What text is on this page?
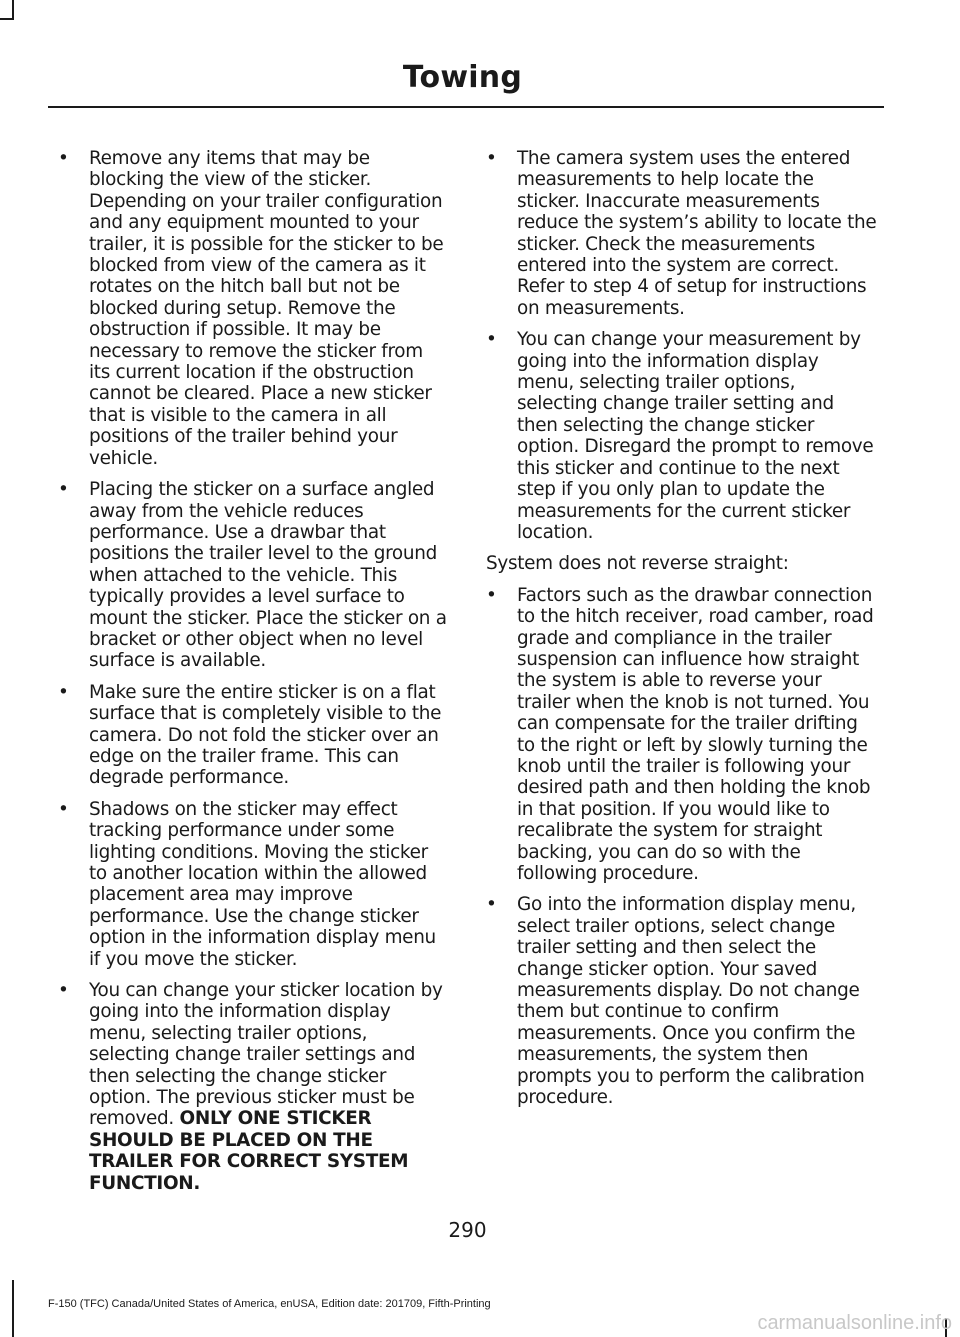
Towing
• Remove any items that may be blocking the view of the sticker. Depending on your trailer configuration and any equipment mounted to your trailer, it is possible for the sticker to be blocked from view of the camera as it rotates on the hitch ball but not be blocked during setup. Remove the obstruction if possible. It may be necessary to remove the sticker from its current location if the obstruction cannot be cleared. Place a new sticker that is visible to the camera in all positions of the trailer behind your vehicle.
• Placing the sticker on a surface angled away from the vehicle reduces performance. Use a drawbar that positions the trailer level to the ground when attached to the vehicle. This typically provides a level surface to mount the sticker. Place the sticker on a bracket or other object when no level surface is available.
• Make sure the entire sticker is on a flat surface that is completely visible to the camera. Do not fold the sticker over an edge on the trailer frame. This can degrade performance.
• Shadows on the sticker may effect tracking performance under some lighting conditions. Moving the sticker to another location within the allowed placement area may improve performance. Use the change sticker option in the information display menu if you move the sticker.
• You can change your sticker location by going into the information display menu, selecting trailer options, selecting change trailer settings and then selecting the change sticker option. The previous sticker must be removed. ONLY ONE STICKER SHOULD BE PLACED ON THE TRAILER FOR CORRECT SYSTEM FUNCTION.
• The camera system uses the entered measurements to help locate the sticker. Inaccurate measurements reduce the system’s ability to locate the sticker. Check the measurements entered into the system are correct. Refer to step 4 of setup for instructions on measurements.
• You can change your measurement by going into the information display menu, selecting trailer options, selecting change trailer setting and then selecting the change sticker option. Disregard the prompt to remove this sticker and continue to the next step if you only plan to update the measurements for the current sticker location.

System does not reverse straight:

• Factors such as the drawbar connection to the hitch receiver, road camber, road grade and compliance in the trailer suspension can influence how straight the system is able to reverse your trailer when the knob is not turned. You can compensate for the trailer drifting to the right or left by slowly turning the knob until the trailer is following your desired path and then holding the knob in that position. If you would like to recalibrate the system for straight backing, you can do so with the following procedure.
• Go into the information display menu, select trailer options, select change trailer setting and then select the change sticker option. Your saved measurements display. Do not change them but continue to confirm measurements. Once you confirm the measurements, the system then prompts you to perform the calibration procedure.
290
F-150 (TFC) Canada/United States of America, enUSA, Edition date: 201709, Fifth-Printing
carmanualsonline.info
